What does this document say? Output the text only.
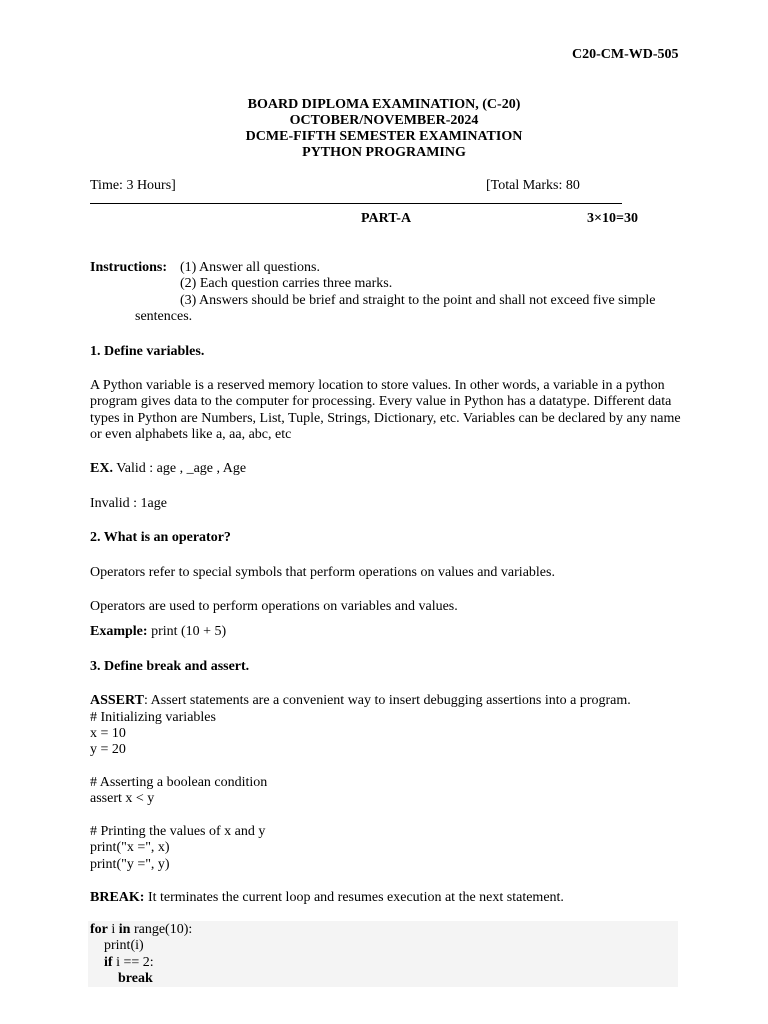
C20-CM-WD-505
BOARD DIPLOMA EXAMINATION, (C-20)
OCTOBER/NOVEMBER-2024
DCME-FIFTH SEMESTER EXAMINATION
PYTHON PROGRAMING
Time: 3 Hours]	[Total Marks: 80
PART-A	3×10=30
Instructions: (1) Answer all questions.
(2) Each question carries three marks.
(3) Answers should be brief and straight to the point and shall not exceed five simple
sentences.
1. Define variables.
A Python variable is a reserved memory location to store values. In other words, a variable in a python
program gives data to the computer for processing. Every value in Python has a datatype. Different data
types in Python are Numbers, List, Tuple, Strings, Dictionary, etc. Variables can be declared by any name
or even alphabets like a, aa, abc, etc
EX. Valid : age , _age , Age
Invalid : 1age
2. What is an operator?
Operators refer to special symbols that perform operations on values and variables.
Operators are used to perform operations on variables and values.
Example: print (10 + 5)
3. Define break and assert.
ASSERT: Assert statements are a convenient way to insert debugging assertions into a program.
# Initializing variables
x = 10
y = 20
# Asserting a boolean condition
assert x < y
# Printing the values of x and y
print("x =", x)
print("y =", y)
BREAK: It terminates the current loop and resumes execution at the next statement.
for i in range(10):
print(i)
if i == 2:
break
